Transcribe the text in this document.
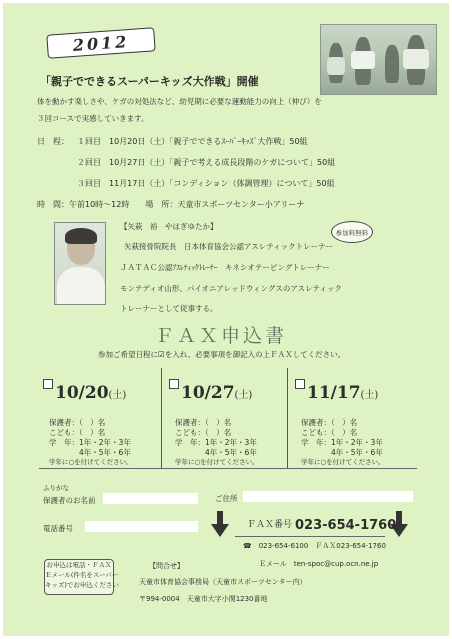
2012
「親子でできるスーパーキッズ大作戦」開催
体を動かす楽しさや、ケガの対処法など、幼児期に必要な運動能力の向上（伸び）を
３回コースで実感していきます。
日　程： １回目　10月20日（土）「親子でできるｽｰﾊﾟｰｷｯｽﾞ大作戦」50組
２回目　10月27日（土）「親子で考える成長段階のケガについて」50組
３回目　11月17日（土）「コンディション（体調管理）について」50組
時　間：午前10時～12時　　場　所：天童市スポーツセンター小アリーナ
【矢萩　裕　やはぎゆたか】
参加料無料
矢萩接骨院院長　日本体育協会公認アスレティックトレーナー
ＪＡＴＡＣ公認ｱｽﾚﾃｨｯｸﾄﾚｰﾅｰ　キネシオテーピングトレーナー
モンテディオ山形、パイオニアレッドウィングスのアスレティック
トレーナーとして従事する。
ＦＡＸ申込書
参加ご希望日程に☑を入れ、必要事項を御記入の上ＦＡＸしてください。
10/20(土)
保護者：（　）名
こども：（　）名
学　年：1年・2年・3年
4年・5年・6年
学年に○を付けてください。
10/27(土)
保護者：（　）名
こども：（　）名
学　年：1年・2年・3年
4年・5年・6年
学年に○を付けてください。
11/17(土)
保護者：（　）名
こども：（　）名
学　年：1年・2年・3年
4年・5年・6年
学年に○を付けてください。
ふりがな
保護者のお名前	ご住所
電話番号	ＦＡＸ番号 023-654-1760
お申込は電話・ＦＡＸ
Ｅメール(件名をスーパー
キッズ)でお申込ください
☎　023-654-6100　ＦＡＸ023-654-1760
Ｅメール　ten-spoc@cup.ocn.ne.jp
【問合せ】
天童市体育協会事務局（天童市スポーツセンター内）
〒994-0004　天童市大字小関1230番地
